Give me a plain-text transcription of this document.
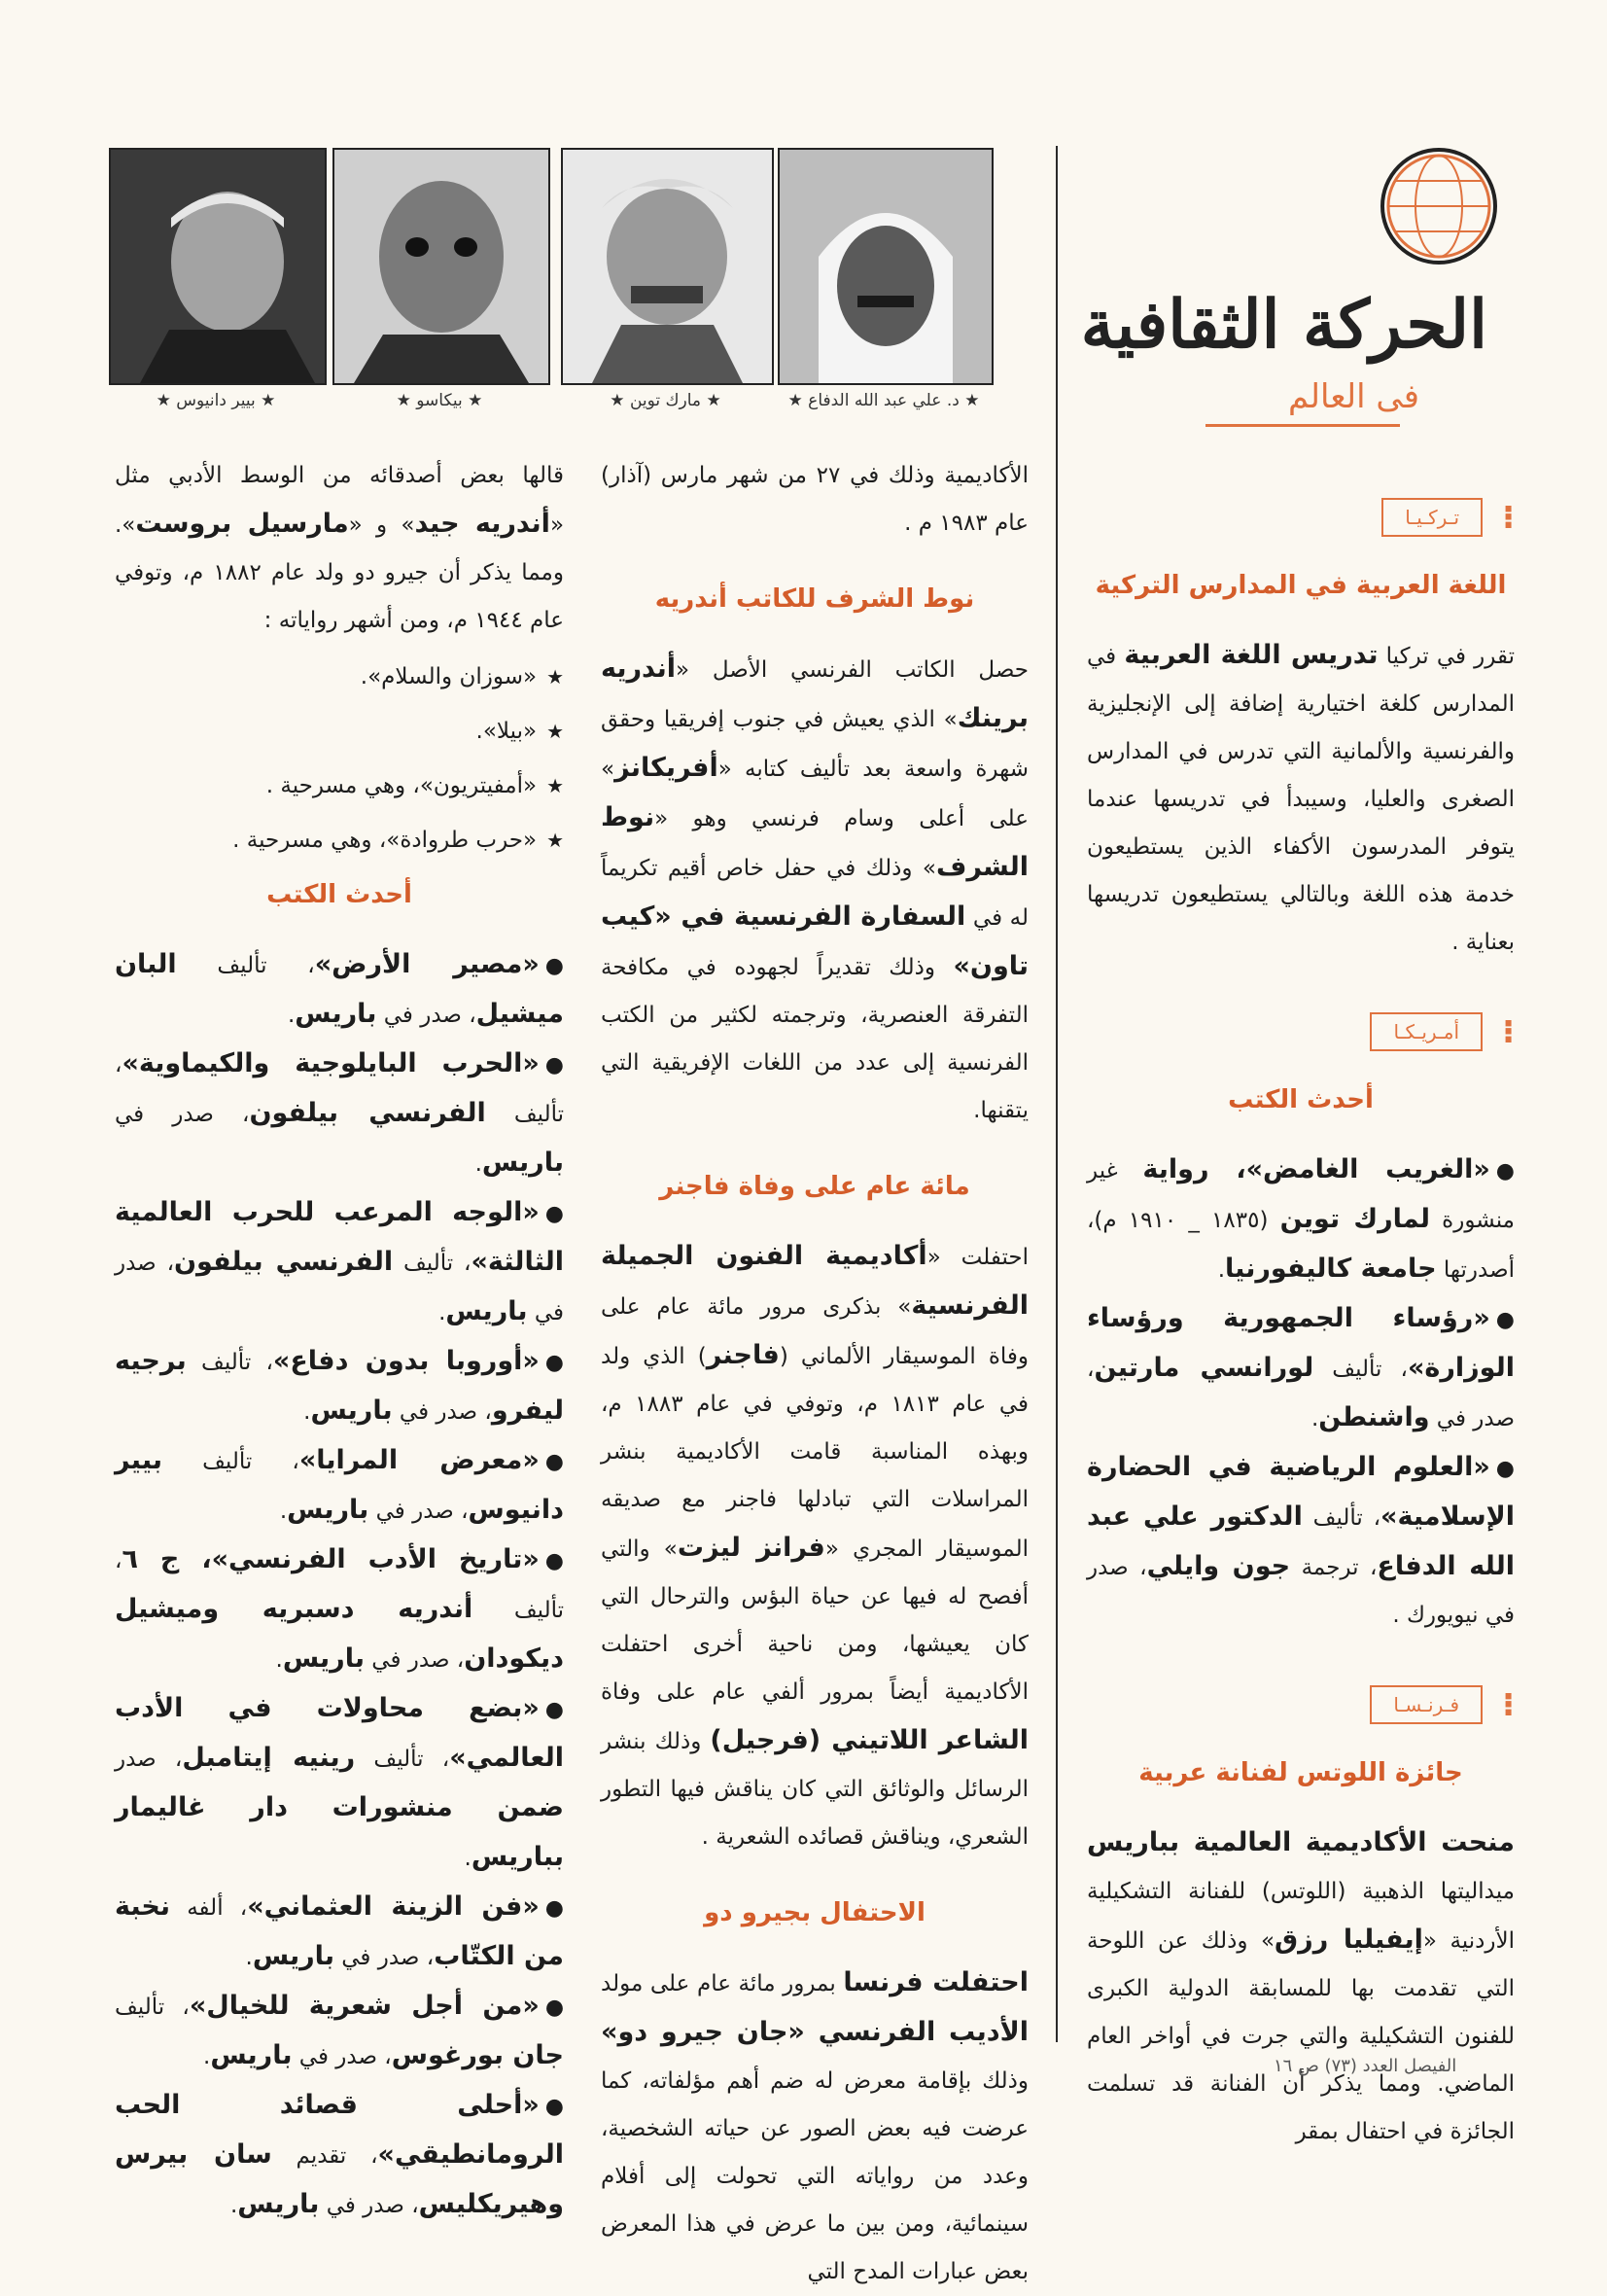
الحركة الثقافية
فى العالم
★ د. علي عبد الله الدفاع ★
★ مارك توين ★
★ بيكاسو ★
★ بيير دانيوس ★
⁝
تـركـيـا
اللغة العربية في المدارس التركية

تقرر في تركيا تدريس اللغة العربية في المدارس كلغة اختيارية إضافة إلى الإنجليزية والفرنسية والألمانية التي تدرس في المدارس الصغرى والعليا، وسيبدأ في تدريسها عندما يتوفر المدرسون الأكفاء الذين يستطيعون خدمة هذه اللغة وبالتالي يستطيعون تدريسها بعناية .

⁝
أمـريـكـا
أحدث الكتب

●«الغريب الغامض»، رواية غير منشورة لمارك توين (١٨٣٥ _ ١٩١٠ م)، أصدرتها جامعة كاليفورنيا.

●«رؤساء الجمهورية ورؤساء الوزارة»، تأليف لورانسي مارتين، صدر في واشنطن.

●«العلوم الرياضية في الحضارة الإسلامية»، تأليف الدكتور علي عبد الله الدفاع، ترجمة جون وايلي، صدر في نيويورك .

⁝
فـرنـسـا
جائزة اللوتس لفنانة عربية

منحت الأكاديمية العالمية بباريس ميداليتها الذهبية (اللوتس) للفنانة التشكيلية الأردنية «إيفيليا رزق» وذلك عن اللوحة التي تقدمت بها للمسابقة الدولية الكبرى للفنون التشكيلية والتي جرت في أواخر العام الماضي. ومما يذكر أن الفنانة قد تسلمت الجائزة في احتفال بمقر

الأكاديمية وذلك في ٢٧ من شهر مارس (آذار) عام ١٩٨٣ م .

نوط الشرف للكاتب أندريه

حصل الكاتب الفرنسي الأصل «أندريه برينك» الذي يعيش في جنوب إفريقيا وحقق شهرة واسعة بعد تأليف كتابه «أفريكانز» على أعلى وسام فرنسي وهو «نوط الشرف» وذلك في حفل خاص أقيم تكريماً له في السفارة الفرنسية في «كيب تاون» وذلك تقديراً لجهوده في مكافحة التفرقة العنصرية، وترجمته لكثير من الكتب الفرنسية إلى عدد من اللغات الإفريقية التي يتقنها.

مائة عام على وفاة فاجنر

احتفلت «أكاديمية الفنون الجميلة الفرنسية» بذكرى مرور مائة عام على وفاة الموسيقار الألماني (فاجنر) الذي ولد في عام ١٨١٣ م، وتوفي في عام ١٨٨٣ م، وبهذه المناسبة قامت الأكاديمية بنشر المراسلات التي تبادلها فاجنر مع صديقه الموسيقار المجري «فرانز ليزت» والتي أفصح له فيها عن حياة البؤس والترحال التي كان يعيشها، ومن ناحية أخرى احتفلت الأكاديمية أيضاً بمرور ألفي عام على وفاة الشاعر اللاتيني (فرجيل) وذلك بنشر الرسائل والوثائق التي كان يناقش فيها التطور الشعري، ويناقش قصائده الشعرية .

الاحتفال بجيرو دو

احتفلت فرنسا بمرور مائة عام على مولد الأديب الفرنسي «جان جيرو دو» وذلك بإقامة معرض له ضم أهم مؤلفاته، كما عرضت فيه بعض الصور عن حياته الشخصية، وعدد من رواياته التي تحولت إلى أفلام سينمائية، ومن بين ما عرض في هذا المعرض بعض عبارات المدح التي

قالها بعض أصدقائه من الوسط الأدبي مثل «أندريه جيد» و «مارسيل بروست». ومما يذكر أن جيرو دو ولد عام ١٨٨٢ م، وتوفي عام ١٩٤٤ م، ومن أشهر رواياته :

★«سوزان والسلام».
★«بيلا».
★«أمفيتريون»، وهي مسرحية .
★«حرب طروادة»، وهي مسرحية .
أحدث الكتب

●«مصير الأرض»، تأليف البان ميشيل، صدر في باريس.

●«الحرب البايلوجية والكيماوية»، تأليف الفرنسي بيلفون، صدر في باريس.

●«الوجه المرعب للحرب العالمية الثالثة»، تأليف الفرنسي بيلفون، صدر في باريس.

●«أوروبا بدون دفاع»، تأليف برجيه ليفرو، صدر في باريس.

●«معرض المرايا»، تأليف بيير دانيوس، صدر في باريس.

●«تاريخ الأدب الفرنسي»، ج ٦، تأليف أندريه دسبريه وميشيل ديكودان، صدر في باريس.

●«بضع محاولات في الأدب العالمي»، تأليف رينيه إيتامبل، صدر ضمن منشورات دار غاليمار بباريس.

●«فن الزينة العثماني»، ألفه نخبة من الكتّاب، صدر في باريس.

●«من أجل شعرية للخيال»، تأليف جان بورغوس، صدر في باريس.

●«أحلى قصائد الحب الرومانطيقي»، تقديم سان بيرس وهيريكليس، صدر في باريس.

الفيصل العدد (٧٣) ص ١٦
